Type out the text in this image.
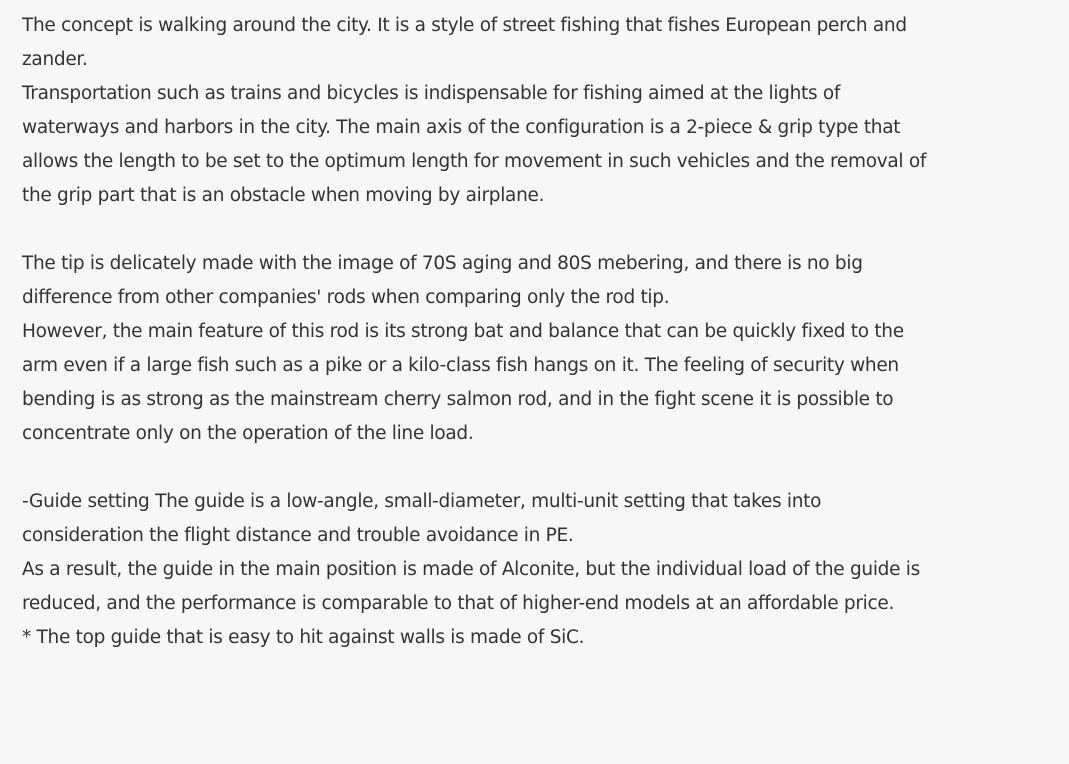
The concept is walking around the city. It is a style of street fishing that fishes European perch and
zander.
Transportation such as trains and bicycles is indispensable for fishing aimed at the lights of
waterways and harbors in the city. The main axis of the configuration is a 2-piece & grip type that
allows the length to be set to the optimum length for movement in such vehicles and the removal of
the grip part that is an obstacle when moving by airplane.
The tip is delicately made with the image of 70S aging and 80S mebering, and there is no big
difference from other companies' rods when comparing only the rod tip.
However, the main feature of this rod is its strong bat and balance that can be quickly fixed to the
arm even if a large fish such as a pike or a kilo-class fish hangs on it. The feeling of security when
bending is as strong as the mainstream cherry salmon rod, and in the fight scene it is possible to
concentrate only on the operation of the line load.
-Guide setting The guide is a low-angle, small-diameter, multi-unit setting that takes into
consideration the flight distance and trouble avoidance in PE.
As a result, the guide in the main position is made of Alconite, but the individual load of the guide is
reduced, and the performance is comparable to that of higher-end models at an affordable price.
* The top guide that is easy to hit against walls is made of SiC.
